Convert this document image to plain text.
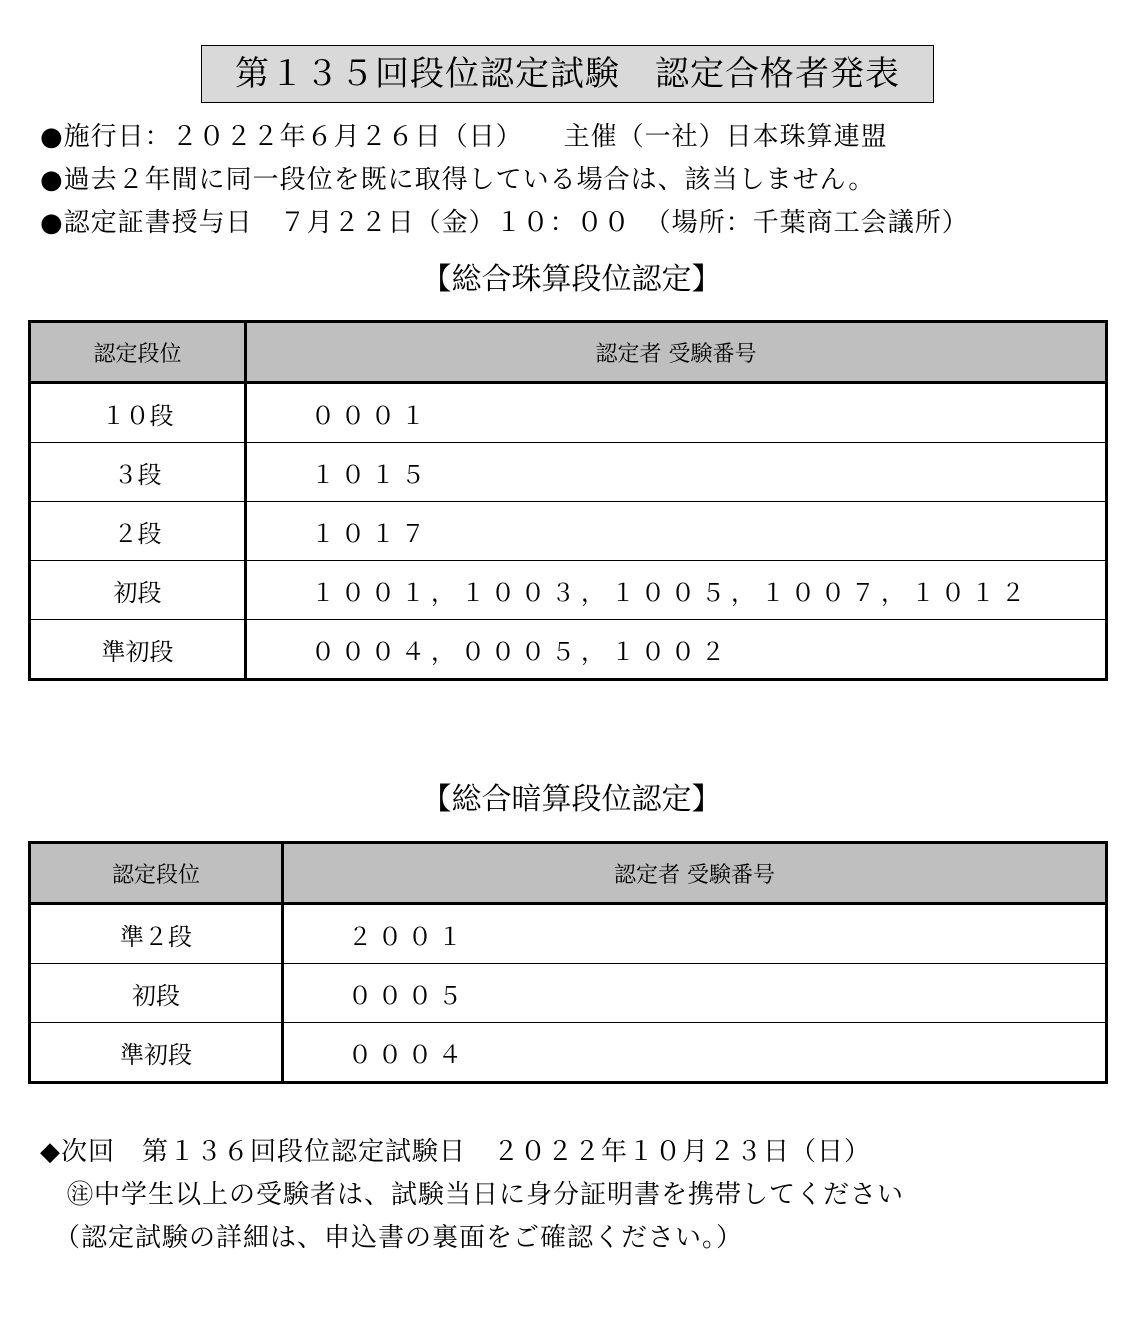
第１３５回段位認定試験　認定合格者発表
●施行日：２０２２年６月２６日（日）　　主催（一社）日本珠算連盟
●過去２年間に同一段位を既に取得している場合は、該当しません。
●認定証書授与日　７月２２日（金）１０：００　（場所：千葉商工会議所）
【総合珠算段位認定】
認定段位	認定者 受験番号
１０段	０００１
３段	１０１５
２段	１０１７
初段	１００１，１００３，１００５，１００７，１０１２
準初段	０００４，０００５，１００２
【総合暗算段位認定】
認定段位	認定者 受験番号
準２段	２００１
初段	０００５
準初段	０００４
◆次回　第１３６回段位認定試験日　２０２２年１０月２３日（日）
　㊟中学生以上の受験者は、試験当日に身分証明書を携帯してください
　（認定試験の詳細は、申込書の裏面をご確認ください。）
